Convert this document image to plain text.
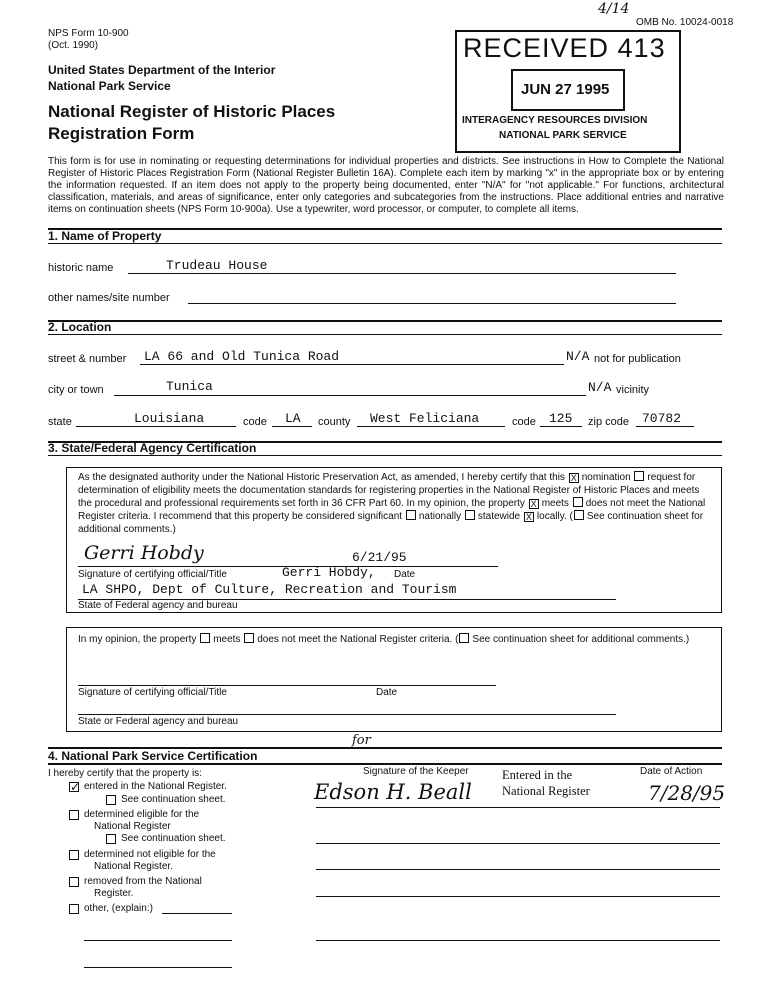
NPS Form 10-900
(Oct. 1990)
OMB No. 10024-0018
4/14
United States Department of the Interior
National Park Service
National Register of Historic Places
Registration Form
This form is for use in nominating or requesting determinations for individual properties and districts. See instructions in How to Complete the National Register of Historic Places Registration Form (National Register Bulletin 16A). Complete each item by marking "x" in the appropriate box or by entering the information requested. If an item does not apply to the property being documented, enter "N/A" for "not applicable." For functions, architectural classification, materials, and areas of significance, enter only categories and subcategories from the instructions. Place additional entries and narrative items on continuation sheets (NPS Form 10-900a). Use a typewriter, word processor, or computer, to complete all items.
RECEIVED 413
JUN 27 1995
INTERAGENCY RESOURCES DIVISION
NATIONAL PARK SERVICE
1. Name of Property
historic name	Trudeau House
other names/site number
2. Location
street & number LA 66 and Old Tunica Road	N/A not for publication
city or town	Tunica	N/A vicinity
state	Louisiana	code LA county West Feliciana	code 125 zip code 70782
3. State/Federal Agency Certification
As the designated authority under the National Historic Preservation Act, as amended, I hereby certify that this X nomination request for determination of eligibility meets the documentation standards for registering properties in the National Register of Historic Places and meets the procedural and professional requirements set forth in 36 CFR Part 60. In my opinion, the property X meets does not meet the National Register criteria. I recommend that this property be considered significant nationally statewide X locally. ( See continuation sheet for additional comments.)
Gerri Hobdy	6/21/95
Signature of certifying official/Title	Gerri Hobdy, Date
LA SHPO, Dept of Culture, Recreation and Tourism
State of Federal agency and bureau
In my opinion, the property meets does not meet the National Register criteria. ( See continuation sheet for additional comments.)
Signature of certifying official/Title	Date
State or Federal agency and bureau
4. National Park Service Certification
I hereby certify that the property is:	Signature of the Keeper	Date of Action
for
Edson H. Beall
Entered in the
National Register	7/28/95
✓ entered in the National Register.
See continuation sheet.
determined eligible for the
National Register
See continuation sheet.
determined not eligible for the
National Register.
removed from the National
Register.
other, (explain:)
